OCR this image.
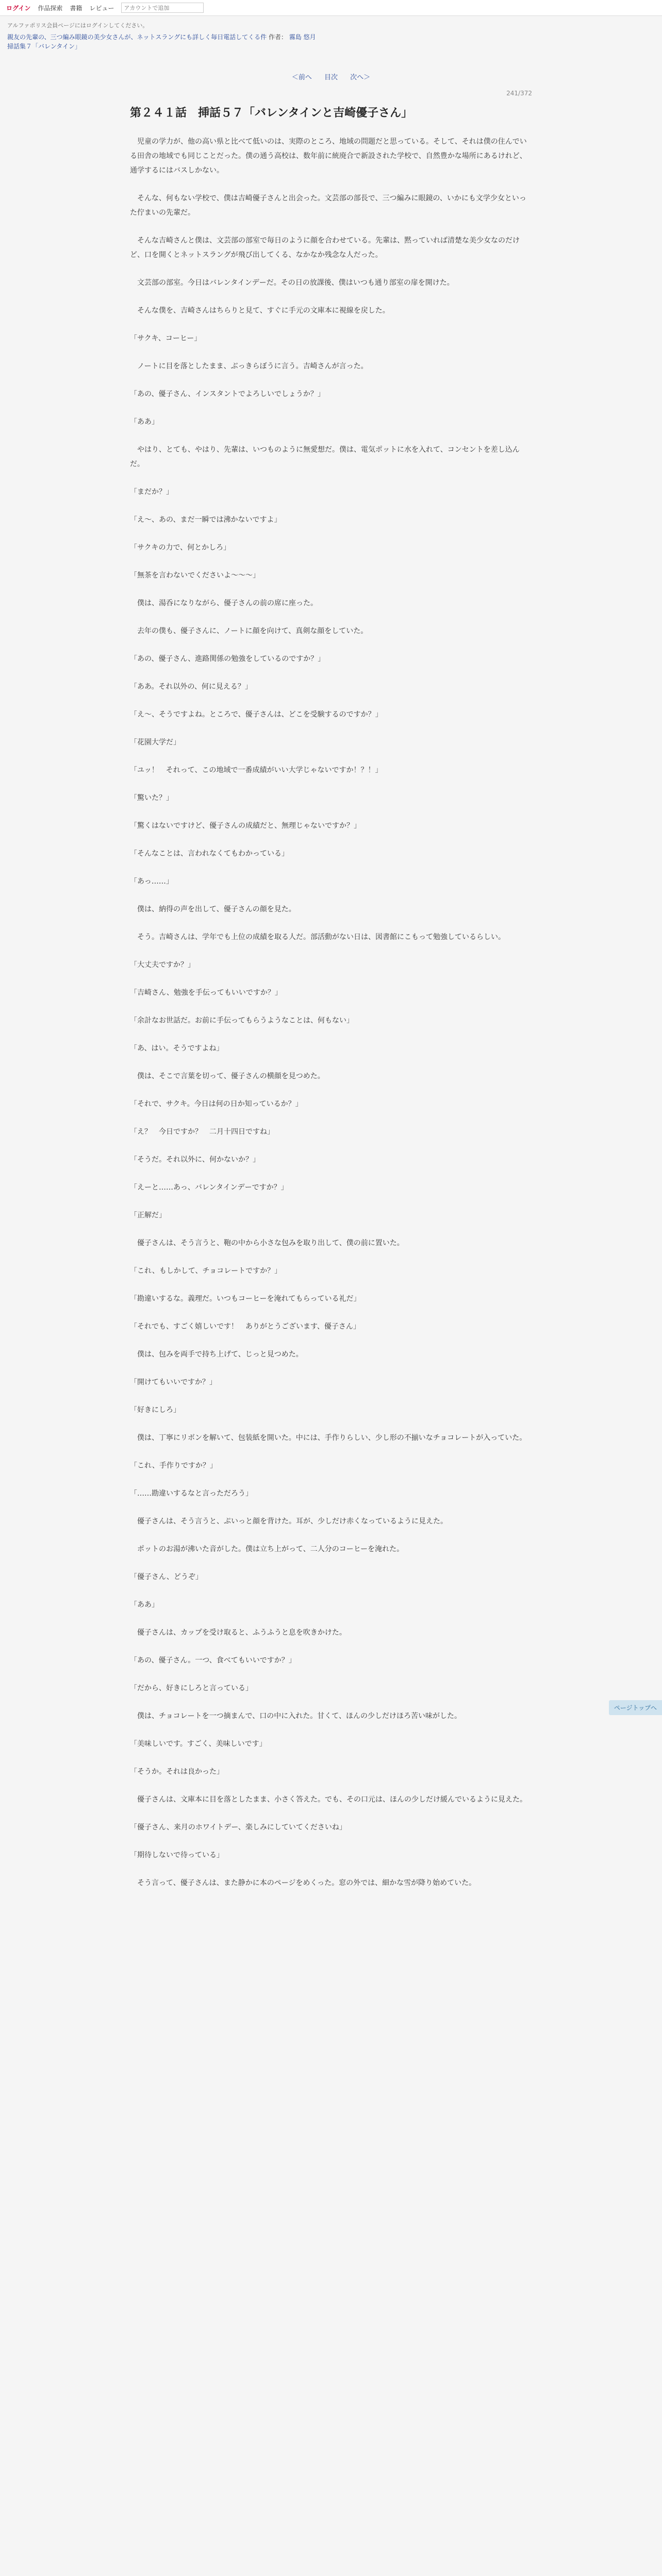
ログイン 作品探索 書籍 レビュー
アカウントで追加
アルファポリス会員ページにはログインしてください。
親友の先輩の、三つ編み眼鏡の美少女さんが、ネットスラングにも詳しく毎日電話してくる件 作者： 霧島 悠月
掃話集７「バレンタイン」
＜前へ 目次 次へ＞
241/372
第２４１話　挿話５７「バレンタインと吉崎優子さん」

　児童の学力が、他の高い県と比べて低いのは、実際のところ、地域の問題だと思っている。そして、それは僕の住んでいる田舎の地域でも同じことだった。僕の通う高校は、数年前に統廃合で新設された学校で、自然豊かな場所にあるけれど、通学するにはバスしかない。

　そんな、何もない学校で、僕は吉崎優子さんと出会った。文芸部の部長で、三つ編みに眼鏡の、いかにも文学少女といった佇まいの先輩だ。

　そんな吉崎さんと僕は、文芸部の部室で毎日のように顔を合わせている。先輩は、黙っていれば清楚な美少女なのだけど、口を開くとネットスラングが飛び出してくる、なかなか残念な人だった。

　文芸部の部室。今日はバレンタインデーだ。その日の放課後、僕はいつも通り部室の扉を開けた。

　そんな僕を、吉崎さんはちらりと見て、すぐに手元の文庫本に視線を戻した。

「サクキ、コーヒー」

　ノートに目を落としたまま、ぶっきらぼうに言う。吉崎さんが言った。

「あの、優子さん、インスタントでよろしいでしょうか？」

「ああ」

　やはり、とても、やはり、先輩は、いつものように無愛想だ。僕は、電気ポットに水を入れて、コンセントを差し込んだ。

「まだか？」

「え～、あの、まだ一瞬では沸かないですよ」

「サクキの力で、何とかしろ」

「無茶を言わないでくださいよ～～～」

　僕は、湯呑になりながら、優子さんの前の席に座った。

　去年の僕も、優子さんに、ノートに顔を向けて、真剣な顔をしていた。

「あの、優子さん、進路関係の勉強をしているのですか？」

「ああ。それ以外の、何に見える？」

「え～、そうですよね。ところで、優子さんは、どこを受験するのですか？」

「花園大学だ」

「ユッ！　それって、この地域で一番成績がいい大学じゃないですか！？！」

「驚いた？」

「驚くはないですけど、優子さんの成績だと、無理じゃないですか？」

「そんなことは、言われなくてもわかっている」

「あっ……」

　僕は、納得の声を出して、優子さんの顔を見た。

　そう。吉崎さんは、学年でも上位の成績を取る人だ。部活動がない日は、図書館にこもって勉強しているらしい。

「大丈夫ですか？」

「吉崎さん、勉強を手伝ってもいいですか？」

「余計なお世話だ。お前に手伝ってもらうようなことは、何もない」

「あ、はい。そうですよね」

　僕は、そこで言葉を切って、優子さんの横顔を見つめた。

「それで、サクキ。今日は何の日か知っているか？」

「え？　今日ですか？　二月十四日ですね」

「そうだ。それ以外に、何かないか？」

「えーと……あっ、バレンタインデーですか？」

「正解だ」

　優子さんは、そう言うと、鞄の中から小さな包みを取り出して、僕の前に置いた。

「これ、もしかして、チョコレートですか？」

「勘違いするな。義理だ。いつもコーヒーを淹れてもらっている礼だ」

「それでも、すごく嬉しいです！　ありがとうございます、優子さん」

　僕は、包みを両手で持ち上げて、じっと見つめた。

「開けてもいいですか？」

「好きにしろ」

　僕は、丁寧にリボンを解いて、包装紙を開いた。中には、手作りらしい、少し形の不揃いなチョコレートが入っていた。

「これ、手作りですか？」

「……勘違いするなと言っただろう」

　優子さんは、そう言うと、ぷいっと顔を背けた。耳が、少しだけ赤くなっているように見えた。

　ポットのお湯が沸いた音がした。僕は立ち上がって、二人分のコーヒーを淹れた。

「優子さん、どうぞ」

「ああ」

　優子さんは、カップを受け取ると、ふうふうと息を吹きかけた。

「あの、優子さん。一つ、食べてもいいですか？」

「だから、好きにしろと言っている」

　僕は、チョコレートを一つ摘まんで、口の中に入れた。甘くて、ほんの少しだけほろ苦い味がした。

「美味しいです。すごく、美味しいです」

「そうか。それは良かった」

　優子さんは、文庫本に目を落としたまま、小さく答えた。でも、その口元は、ほんの少しだけ緩んでいるように見えた。

「優子さん、来月のホワイトデー、楽しみにしていてくださいね」

「期待しないで待っている」

　そう言って、優子さんは、また静かに本のページをめくった。窓の外では、細かな雪が降り始めていた。

ページトップへ
